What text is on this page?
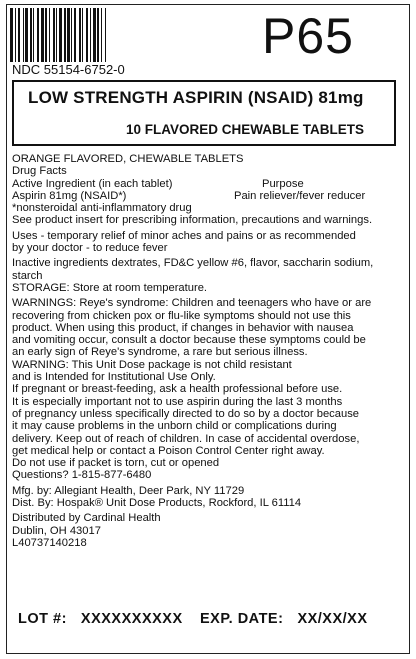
P65
NDC 55154-6752-0
LOW STRENGTH ASPIRIN (NSAID) 81mg
10 FLAVORED CHEWABLE TABLETS

ORANGE FLAVORED, CHEWABLE TABLETS

Drug Facts

Active Ingredient (in each tablet)	Purpose
Aspirin 81mg (NSAID*)	Pain reliever/fever reducer

*nonsteroidal anti-inflammatory drug

See product insert for prescribing information, precautions and warnings.

Uses - temporary relief of minor aches and pains or as recommended

by your doctor - to reduce fever

Inactive ingredients dextrates, FD&C yellow #6, flavor, saccharin sodium,

starch

STORAGE: Store at room temperature.

WARNINGS: Reye's syndrome: Children and teenagers who have or are

recovering from chicken pox or flu-like symptoms should not use this

product. When using this product, if changes in behavior with nausea

and vomiting occur, consult a doctor because these symptoms could be

an early sign of Reye's syndrome, a rare but serious illness.

WARNING: This Unit Dose package is not child resistant

and is Intended for Institutional Use Only.

If pregnant or breast-feeding, ask a health professional before use.

It is especially important not to use aspirin during the last 3 months

of pregnancy unless specifically directed to do so by a doctor because

it may cause problems in the unborn child or complications during

delivery. Keep out of reach of children. In case of accidental overdose,

get medical help or contact a Poison Control Center right away.

Do not use if packet is torn, cut or opened

Questions? 1-815-877-6480

Mfg. by: Allegiant Health, Deer Park, NY 11729

Dist. By: Hospak® Unit Dose Products, Rockford, IL 61114

Distributed by Cardinal Health

Dublin, OH 43017

L40737140218

LOT #: XXXXXXXXXX EXP. DATE: XX/XX/XX
